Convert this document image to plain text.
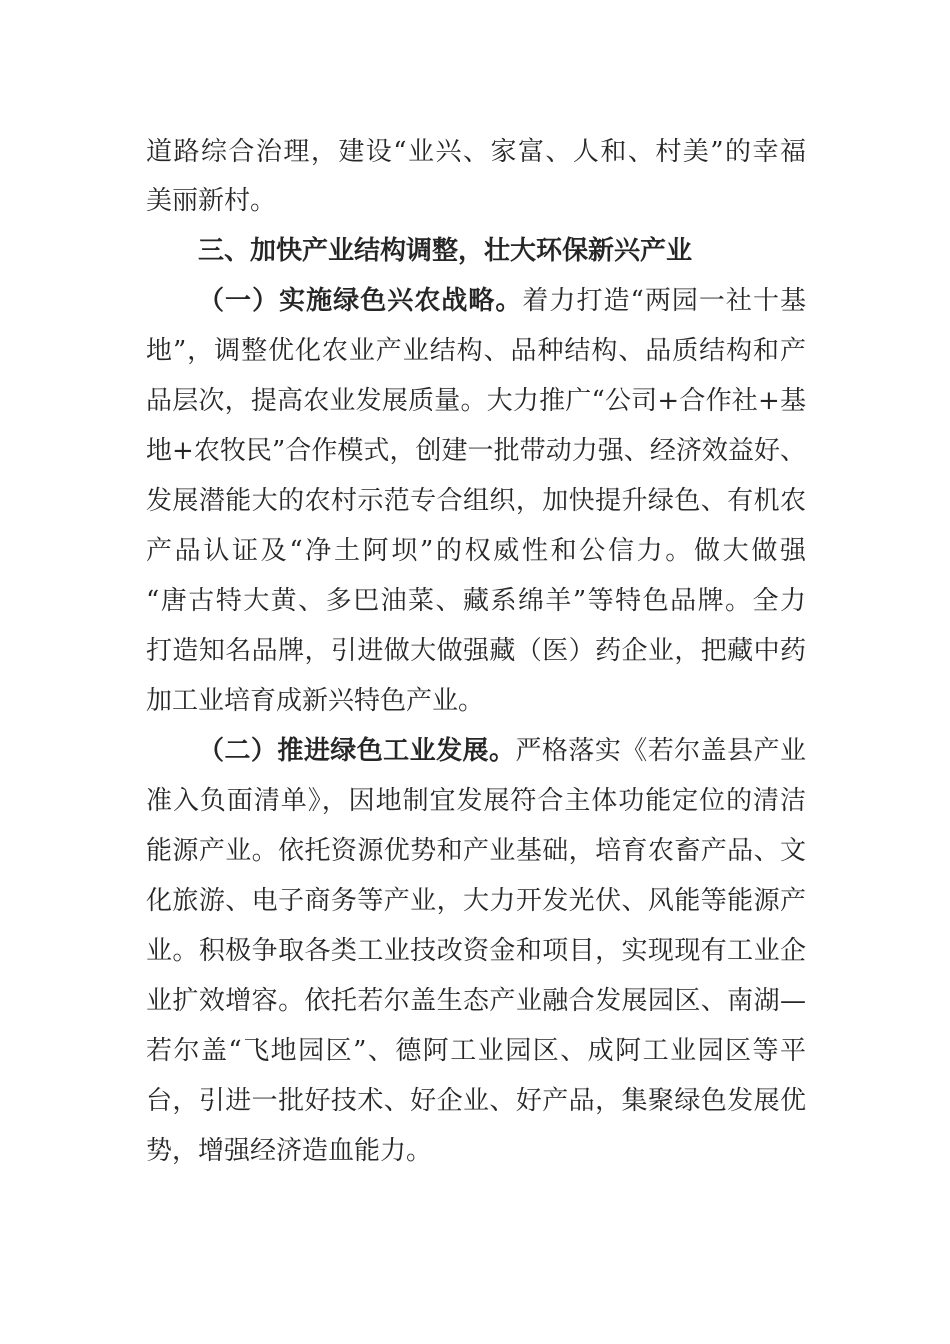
道路综合治理，建设“业兴、家富、人和、村美”的幸福
美丽新村。
三、加快产业结构调整，壮大环保新兴产业
（一）实施绿色兴农战略。着力打造“两园一社十基
地”，调整优化农业产业结构、品种结构、品质结构和产
品层次，提高农业发展质量。大力推广“公司+合作社+基
地+农牧民”合作模式，创建一批带动力强、经济效益好、
发展潜能大的农村示范专合组织，加快提升绿色、有机农
产品认证及“净土阿坝”的权威性和公信力。做大做强
“唐古特大黄、多巴油菜、藏系绵羊”等特色品牌。全力
打造知名品牌，引进做大做强藏（医）药企业，把藏中药
加工业培育成新兴特色产业。
（二）推进绿色工业发展。严格落实《若尔盖县产业
准入负面清单》，因地制宜发展符合主体功能定位的清洁
能源产业。依托资源优势和产业基础，培育农畜产品、文
化旅游、电子商务等产业，大力开发光伏、风能等能源产
业。积极争取各类工业技改资金和项目，实现现有工业企
业扩效增容。依托若尔盖生态产业融合发展园区、南湖—
若尔盖“飞地园区”、德阿工业园区、成阿工业园区等平
台，引进一批好技术、好企业、好产品，集聚绿色发展优
势，增强经济造血能力。
